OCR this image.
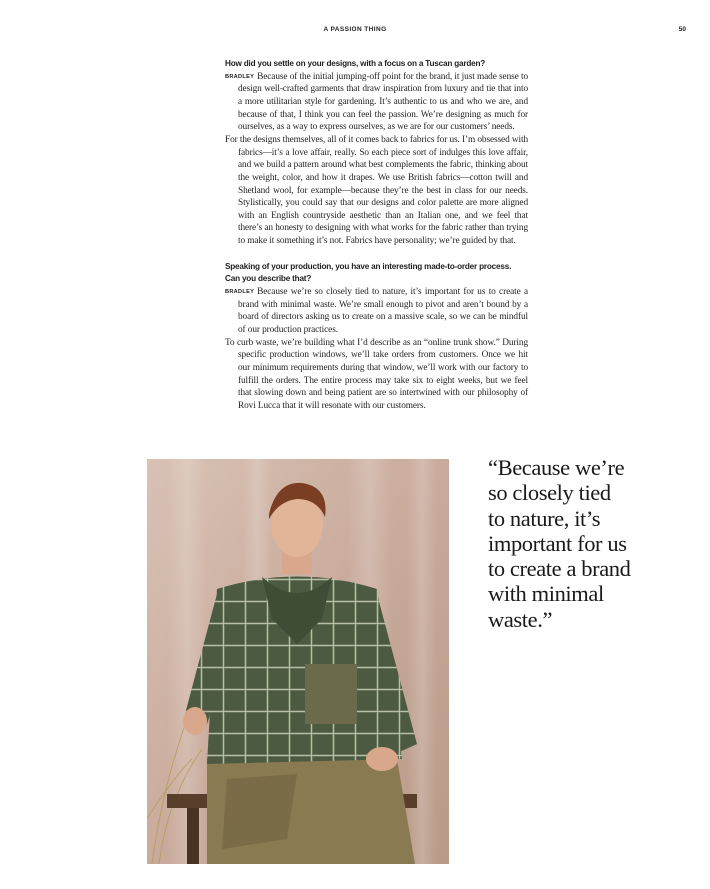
A PASSION THING	50

How did you settle on your designs, with a focus on a Tuscan garden?

BRADLEY Because of the initial jumping-off point for the brand, it just made sense to design well-crafted garments that draw inspiration from luxury and tie that into a more utilitarian style for gardening. It’s authentic to us and who we are, and because of that, I think you can feel the passion. We’re designing as much for ourselves, as a way to express ourselves, as we are for our customers’ needs.

For the designs themselves, all of it comes back to fabrics for us. I’m obsessed with fabrics—it’s a love affair, really. So each piece sort of indulges this love affair, and we build a pattern around what best complements the fabric, thinking about the weight, color, and how it drapes. We use British fabrics—cotton twill and Shetland wool, for example—because they’re the best in class for our needs. Stylistically, you could say that our designs and color palette are more aligned with an English countryside aesthetic than an Italian one, and we feel that there’s an honesty to designing with what works for the fabric rather than trying to make it something it’s not. Fabrics have personality; we’re guided by that.

Speaking of your production, you have an interesting made-to-order process.
Can you describe that?

BRADLEY Because we’re so closely tied to nature, it’s important for us to create a brand with minimal waste. We’re small enough to pivot and aren’t bound by a board of directors asking us to create on a massive scale, so we can be mindful of our production practices.

To curb waste, we’re building what I’d describe as an “online trunk show.” During specific production windows, we’ll take orders from customers. Once we hit our minimum requirements during that window, we’ll work with our factory to fulfill the orders. The entire process may take six to eight weeks, but we feel that slowing down and being patient are so intertwined with our philosophy of Rovi Lucca that it will resonate with our customers.

“Because we’re
so closely tied
to nature, it’s
important for us
to create a brand
with minimal
waste.”
